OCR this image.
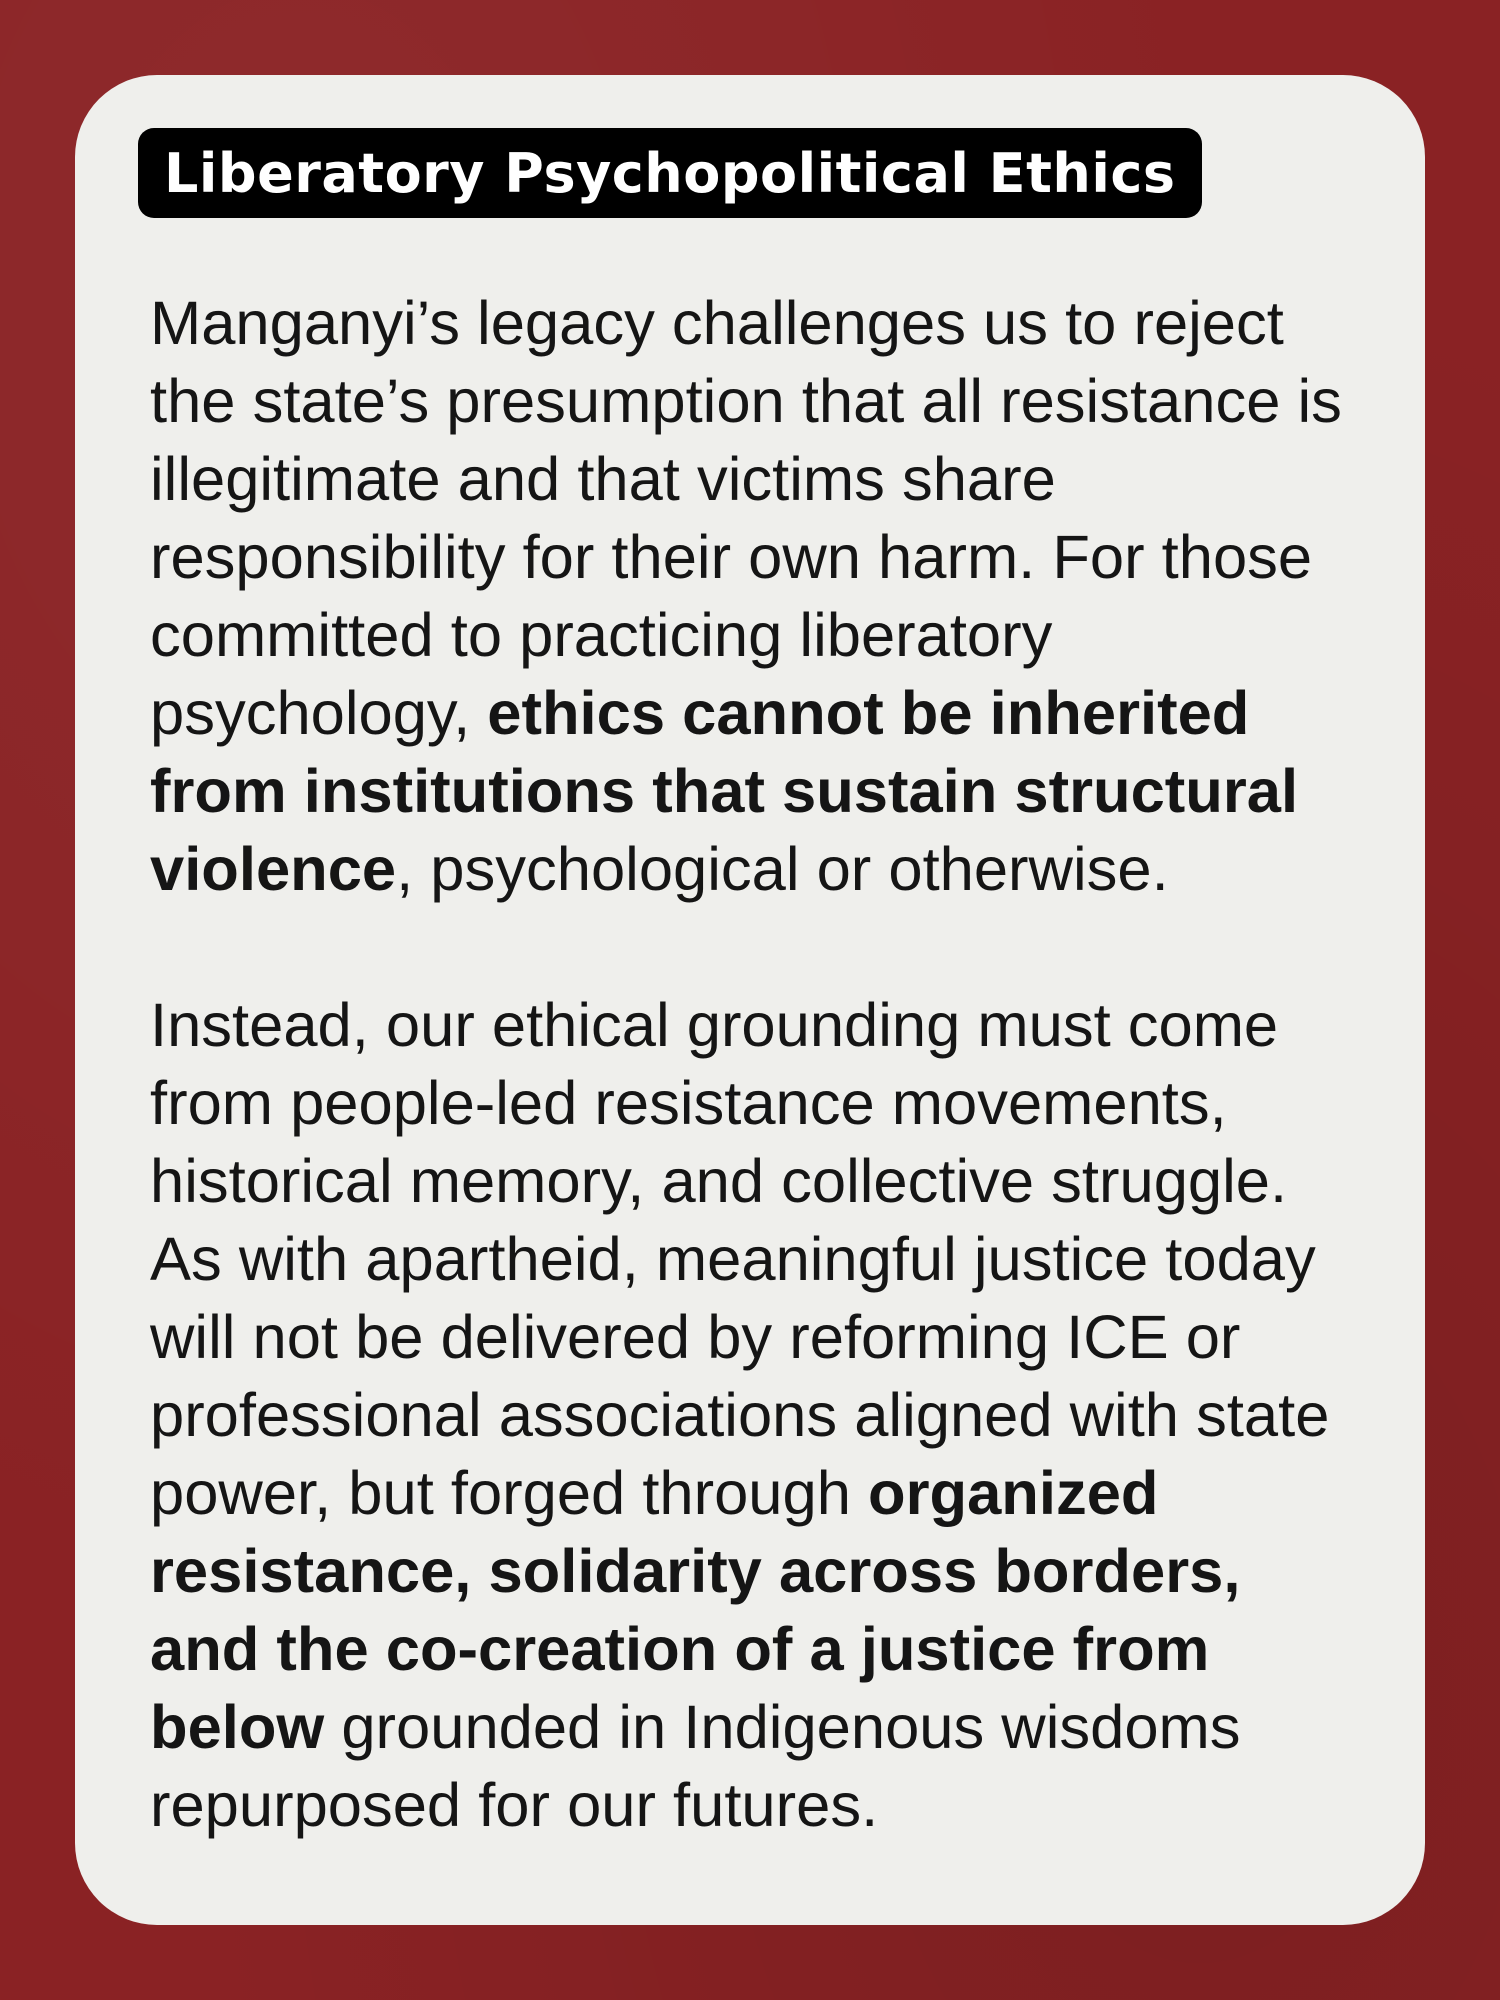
Liberatory Psychopolitical Ethics

Manganyi’s legacy challenges us to reject the state’s presumption that all resistance is illegitimate and that victims share responsibility for their own harm. For those committed to practicing liberatory psychology, ethics cannot be inherited from institutions that sustain structural violence, psychological or otherwise.

Instead, our ethical grounding must come from people-led resistance movements, historical memory, and collective struggle. As with apartheid, meaningful justice today will not be delivered by reforming ICE or professional associations aligned with state power, but forged through organized resistance, solidarity across borders, and the co-creation of a justice from below grounded in Indigenous wisdoms repurposed for our futures.
